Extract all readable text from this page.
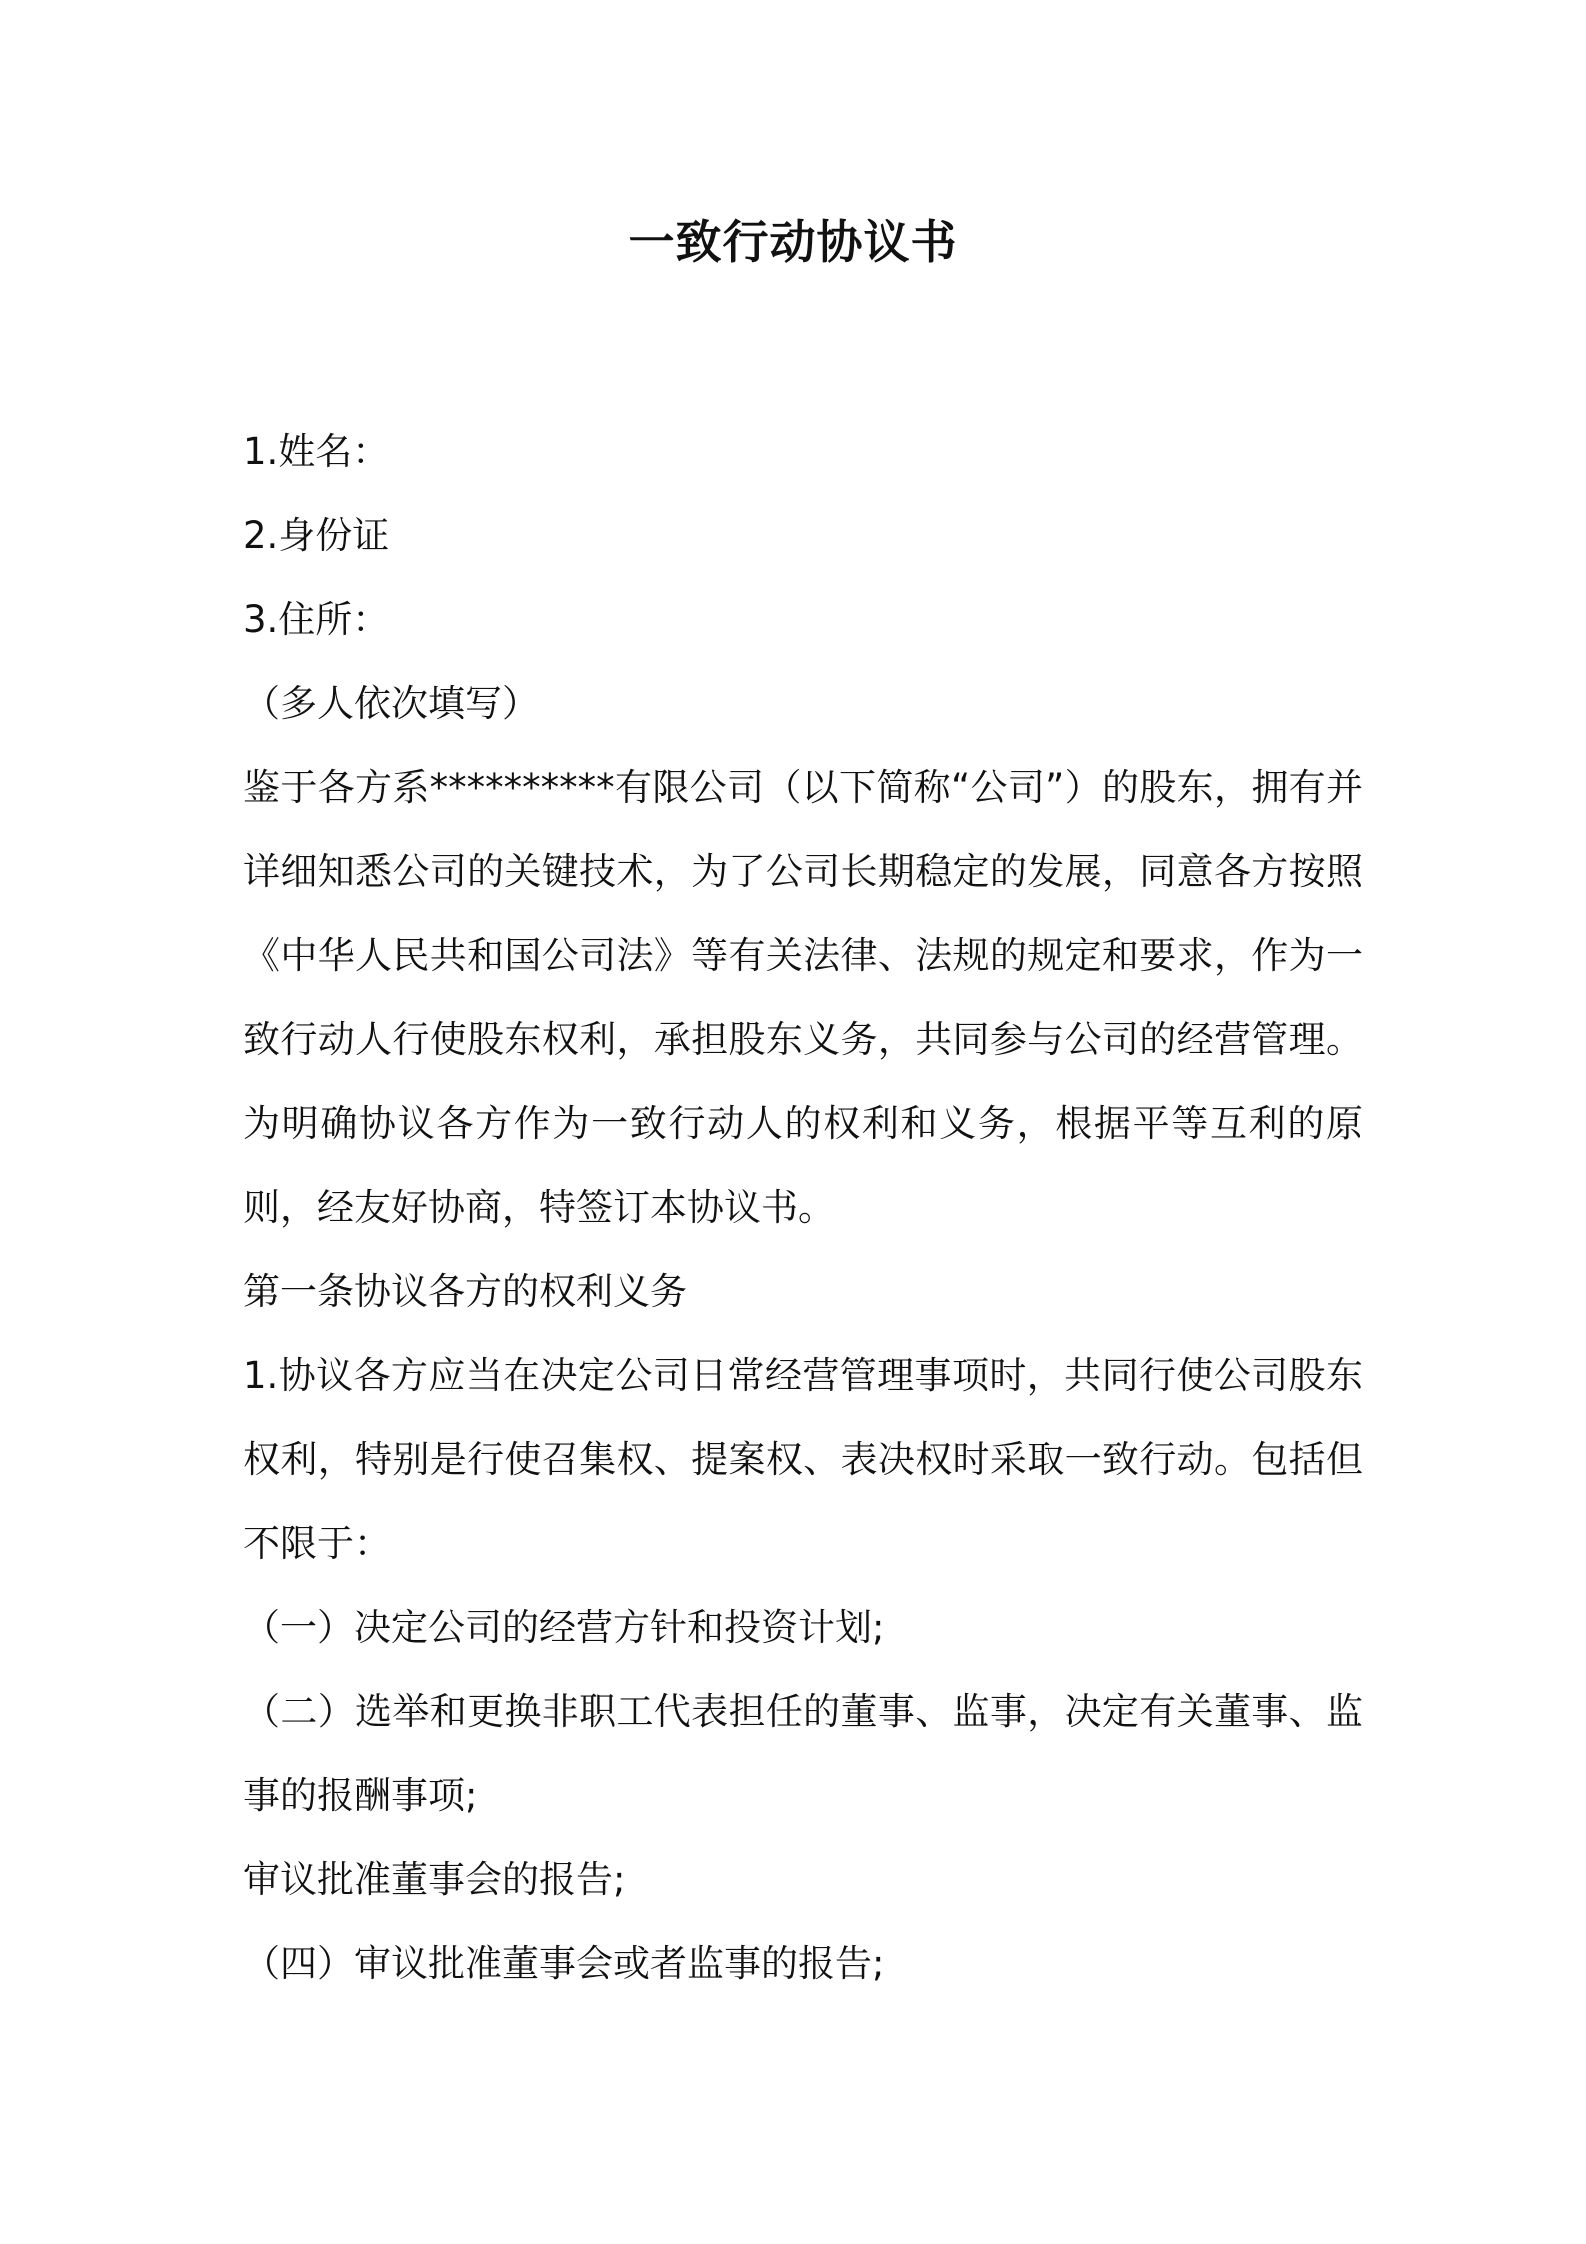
一致行动协议书
1.姓名：
2.身份证
3.住所：
（多人依次填写）

鉴于各方系**********有限公司（以下简称“公司”）的股东，拥有并详细知悉公司的关键技术，为了公司长期稳定的发展，同意各方按照《中华人民共和国公司法》等有关法律、法规的规定和要求，作为一致行动人行使股东权利，承担股东义务，共同参与公司的经营管理。为明确协议各方作为一致行动人的权利和义务，根据平等互利的原则，经友好协商，特签订本协议书。

第一条协议各方的权利义务

1.协议各方应当在决定公司日常经营管理事项时，共同行使公司股东权利，特别是行使召集权、提案权、表决权时采取一致行动。包括但不限于：

（一）决定公司的经营方针和投资计划;

（二）选举和更换非职工代表担任的董事、监事，决定有关董事、监事的报酬事项;

审议批准董事会的报告;

（四）审议批准董事会或者监事的报告;
